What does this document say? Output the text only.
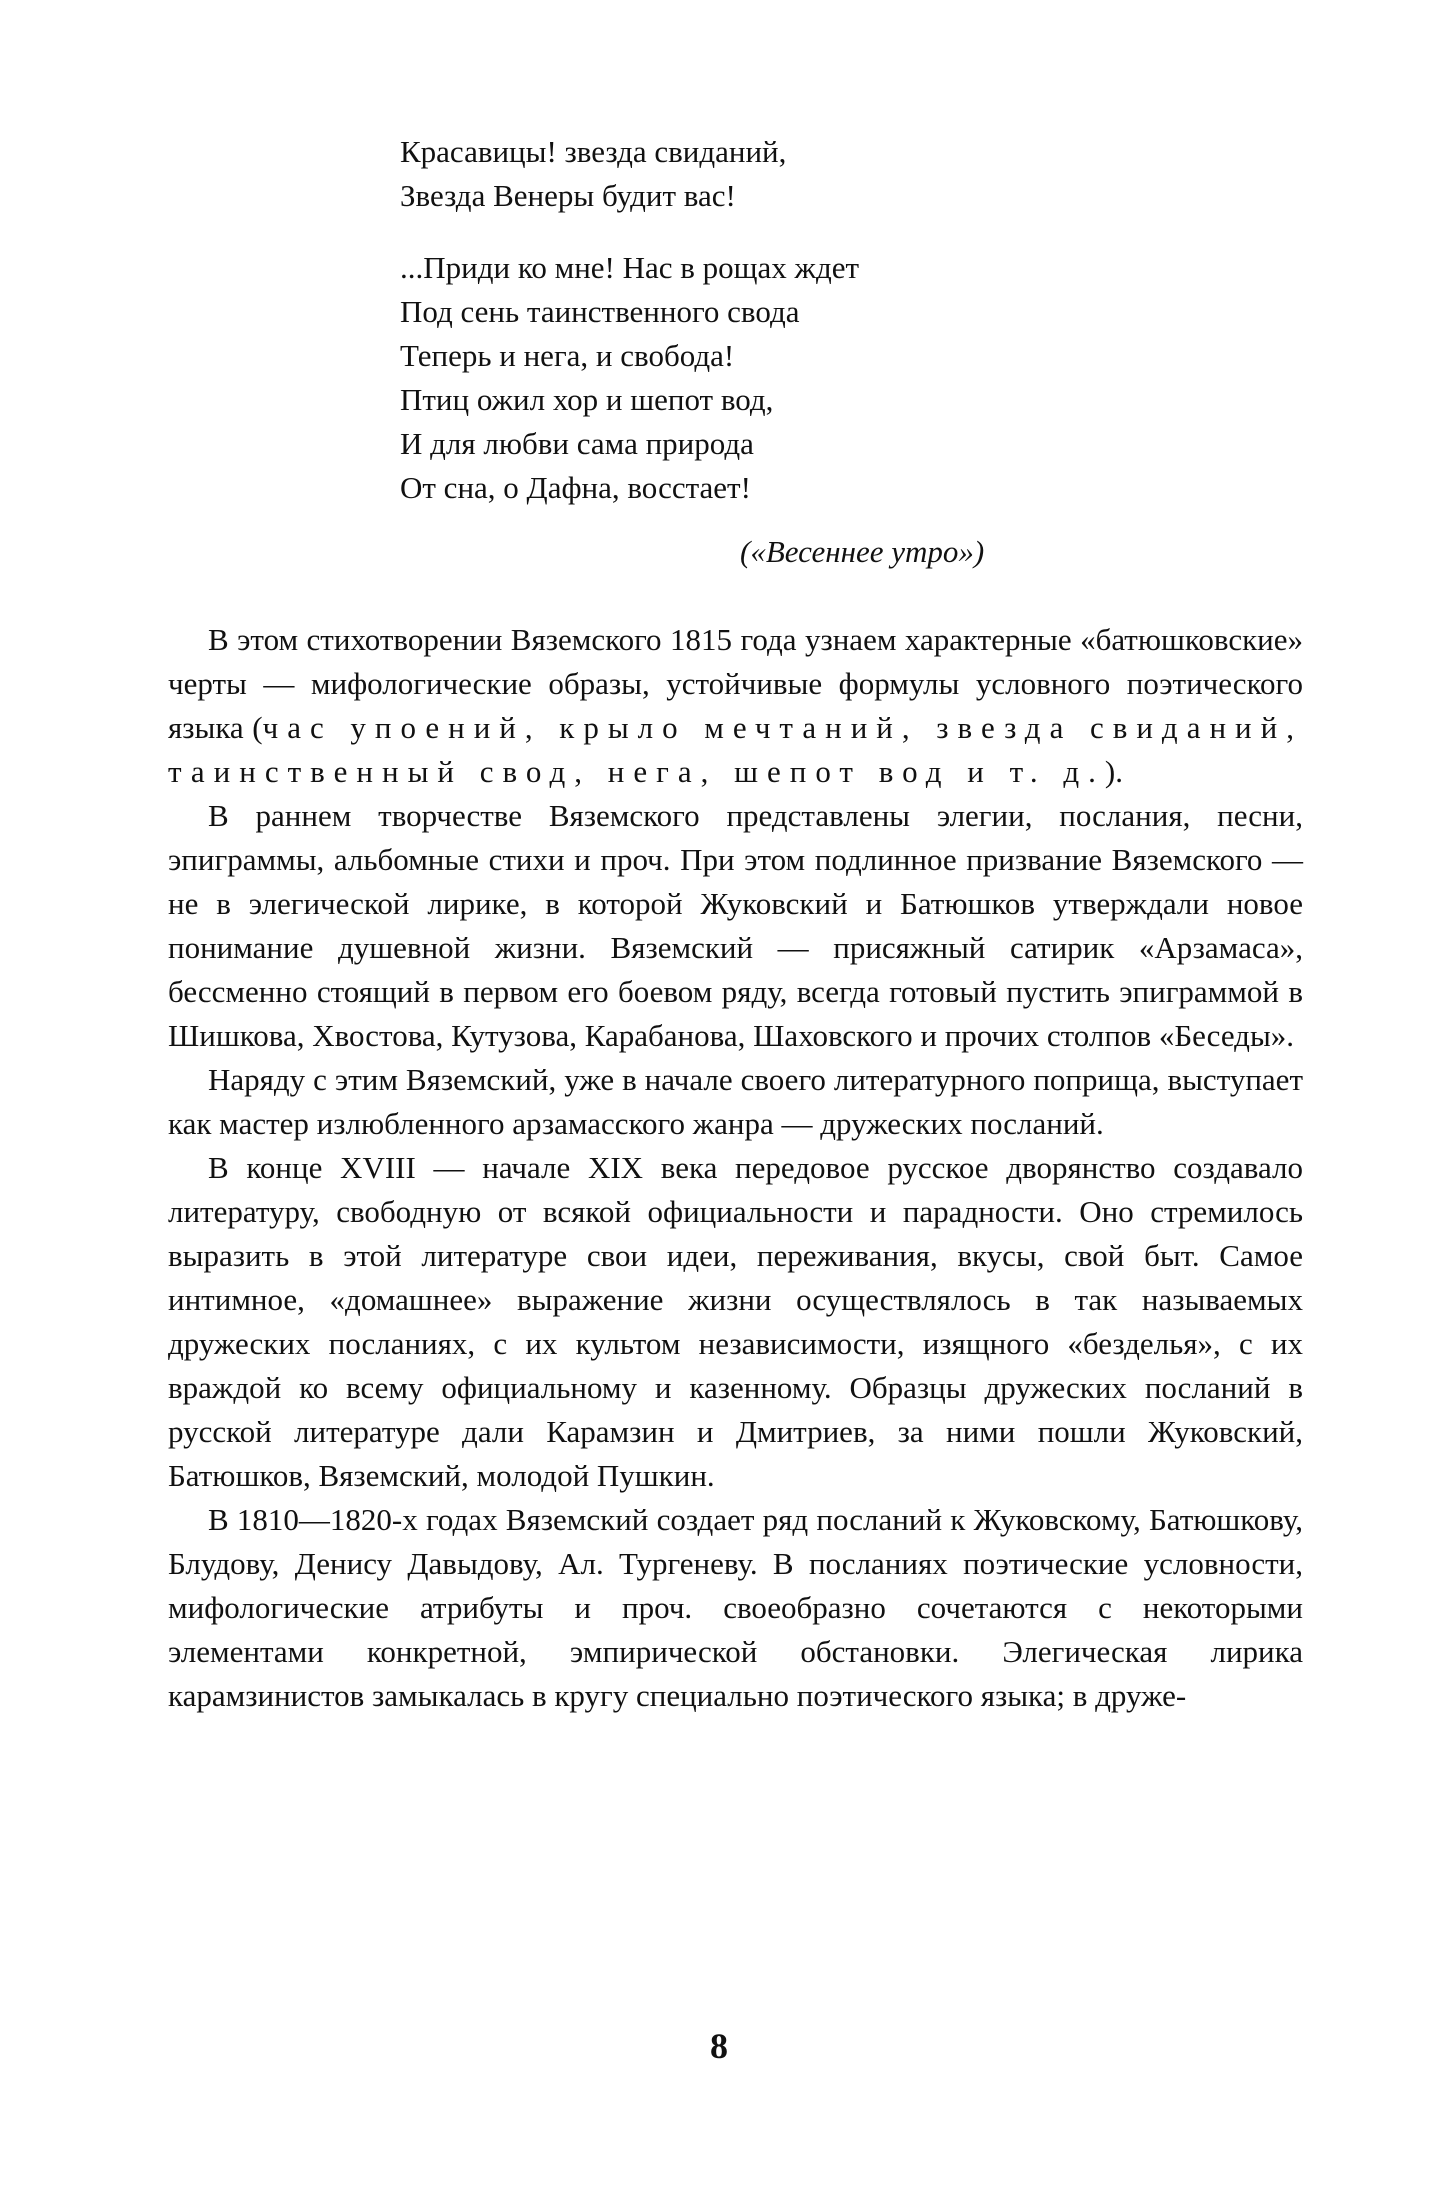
Красавицы! звезда свиданий,
Звезда Венеры будит вас!
...Приди ко мне! Нас в рощах ждет
Под сень таинственного свода
Теперь и нега, и свобода!
Птиц ожил хор и шепот вод,
И для любви сама природа
От сна, о Дафна, восстает!
(«Весеннее утро»)

В этом стихотворении Вяземского 1815 года узнаем характерные «батюшковские» черты — мифологические образы, устойчивые формулы условного поэтического языка (час упоений, крыло мечтаний, звезда свиданий, таинственный свод, нега, шепот вод и т. д.).

В раннем творчестве Вяземского представлены элегии, послания, песни, эпиграммы, альбомные стихи и проч. При этом подлинное призвание Вяземского — не в элегической лирике, в которой Жуковский и Батюшков утверждали новое понимание душевной жизни. Вяземский — присяжный сатирик «Арзамаса», бессменно стоящий в первом его боевом ряду, всегда готовый пустить эпиграммой в Шишкова, Хвостова, Кутузова, Карабанова, Шаховского и прочих столпов «Беседы».

Наряду с этим Вяземский, уже в начале своего литературного поприща, выступает как мастер излюбленного арзамасского жанра — дружеских посланий.

В конце XVIII — начале XIX века передовое русское дворянство создавало литературу, свободную от всякой официальности и парадности. Оно стремилось выразить в этой литературе свои идеи, переживания, вкусы, свой быт. Самое интимное, «домашнее» выражение жизни осуществлялось в так называемых дружеских посланиях, с их культом независимости, изящного «безделья», с их враждой ко всему официальному и казенному. Образцы дружеских посланий в русской литературе дали Карамзин и Дмитриев, за ними пошли Жуковский, Батюшков, Вяземский, молодой Пушкин.

В 1810—1820-х годах Вяземский создает ряд посланий к Жуковскому, Батюшкову, Блудову, Денису Давыдову, Ал. Тургеневу. В посланиях поэтические условности, мифологические атрибуты и проч. своеобразно сочетаются с некоторыми элементами конкретной, эмпирической обстановки. Элегическая лирика карамзинистов замыкалась в кругу специально поэтического языка; в друже-

8
